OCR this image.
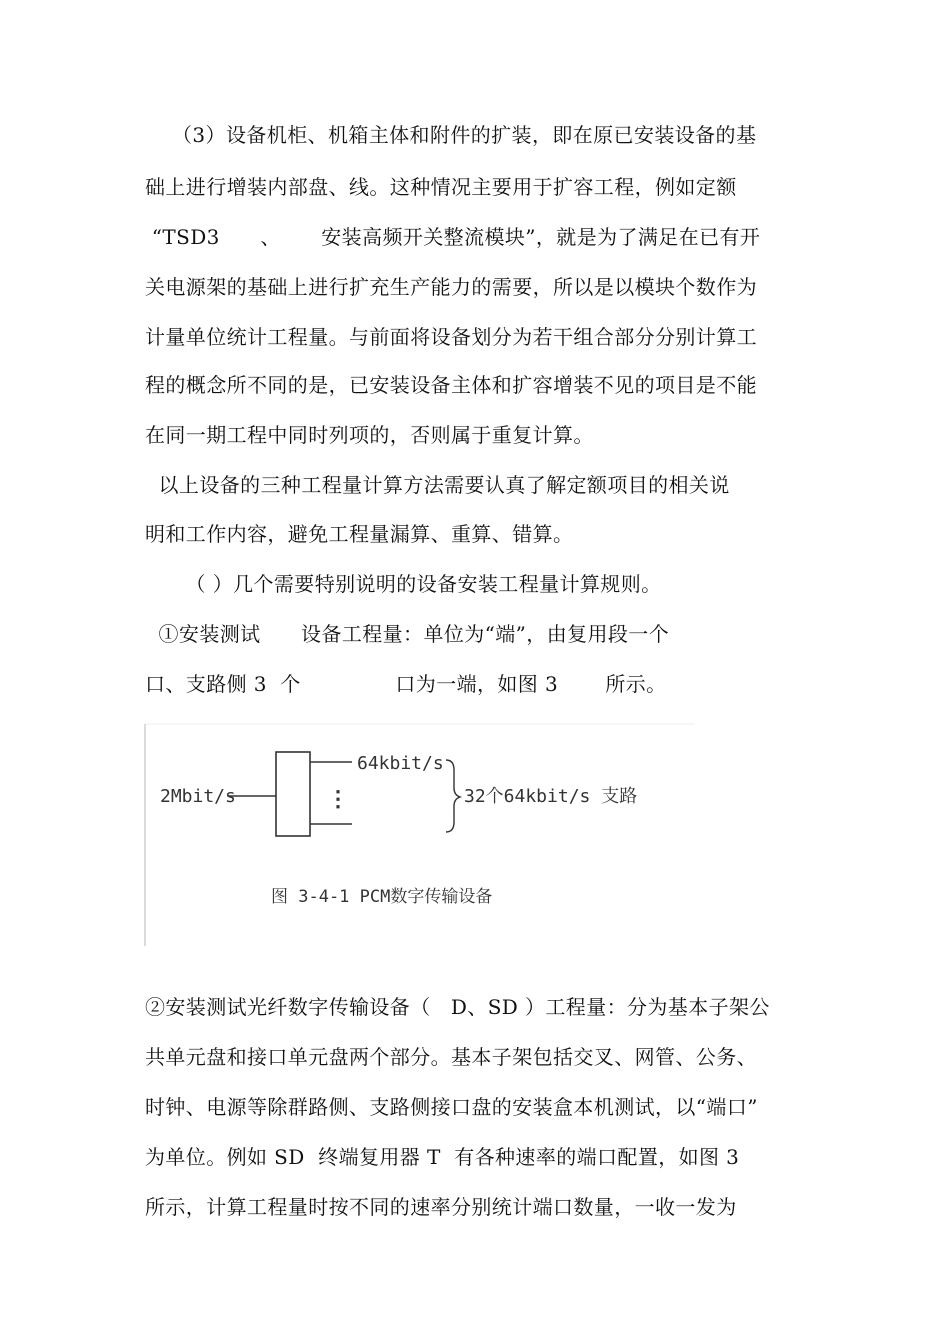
（3）设备机柜、机箱主体和附件的扩装，即在原已安装设备的基
础上进行增装内部盘、线。这种情况主要用于扩容工程，例如定额
“TSD3      、      安装高频开关整流模块”，就是为了满足在已有开
关电源架的基础上进行扩充生产能力的需要，所以是以模块个数作为
计量单位统计工程量。与前面将设备划分为若干组合部分分别计算工
程的概念所不同的是，已安装设备主体和扩容增装不见的项目是不能
在同一期工程中同时列项的，否则属于重复计算。
以上设备的三种工程量计算方法需要认真了解定额项目的相关说
明和工作内容，避免工程量漏算、重算、错算。
（ ）几个需要特别说明的设备安装工程量计算规则。
①安装测试      设备工程量：单位为“端”，由复用段一个
口、支路侧 3  个              口为一端，如图 3       所示。
2Mbit/s
64kbit/s
⋮	32个64kbit/s 支路
图 3-4-1 PCM数字传输设备
②安装测试光纤数字传输设备（   D、SD ）工程量：分为基本子架公
共单元盘和接口单元盘两个部分。基本子架包括交叉、网管、公务、
时钟、电源等除群路侧、支路侧接口盘的安装盒本机测试，以“端口”
为单位。例如 SD  终端复用器 T  有各种速率的端口配置，如图 3
所示，计算工程量时按不同的速率分别统计端口数量，一收一发为
